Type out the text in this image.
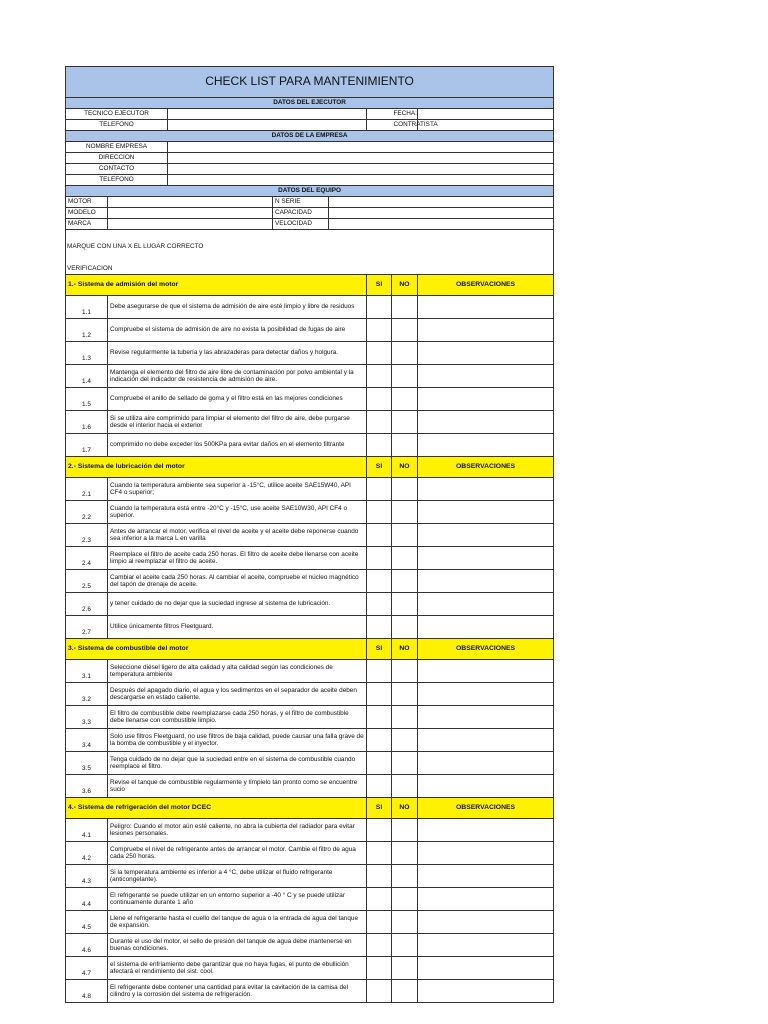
CHECK LIST PARA MANTENIMIENTO							
DATOS DEL EJECUTOR							
TECNICO EJECUTOR						FECHA:	
TELEFONO						CONTRATISTA	
DATOS DE LA EMPRESA							
NOMBRE EMPRESA							
DIRECCION							
CONTACTO							
TELEFONO							
DATOS DEL EQUIPO							
MOTOR			N SERIE				
MODELO			CAPACIDAD				
MARCA			VELOCIDAD				

MARQUE CON UNA X EL LUGAR CORRECTO							

VERIFICACION							
1.- Sistema de admisión del motor					SI	NO	OBSERVACIONES
1.1	Debe asegurarse de que el sistema de admisión de aire esté limpio y libre de residuos						
1.2	Compruebe el sistema de admisión de aire no exista la posibilidad de fugas de aire						
1.3	Revise regularmente la tubería y las abrazaderas para detectar daños y holgura.						
1.4	Mantenga el elemento del filtro de aire libre de contaminación por polvo ambiental y la indicación del indicador de resistencia de admisión de aire.						
1.5	Compruebe el anillo de sellado de goma y el filtro está en las mejores condiciones						
1.6	Si se utiliza aire comprimido para limpiar el elemento del filtro de aire, debe purgarse desde el interior hacia el exterior						
1.7	comprimido no debe exceder los 500KPa para evitar daños en el elemento filtrante						
2.- Sistema de lubricación del motor					SI	NO	OBSERVACIONES
2.1	Cuando la temperatura ambiente sea superior a -15°C, utilice aceite SAE15W40, API CF4 o superior;						
2.2	Cuando la temperatura está entre -20°C y -15°C, use aceite SAE10W30, API CF4 o superior.						
2.3	Antes de arrancar el motor, verifica el nivel de aceite y el aceite debe reponerse cuando sea inferior a la marca L en varilla						
2.4	Reemplace el filtro de aceite cada 250 horas. El filtro de aceite debe llenarse con aceite limpio al reemplazar el filtro de aceite.						
2.5	Cambiar el aceite cada 250 horas. Al cambiar el aceite, compruebe el núcleo magnético del tapón de drenaje de aceite.						
2.6	y tener cuidado de no dejar que la suciedad ingrese al sistema de lubricación.						
2.7	Utilice únicamente filtros Fleetguard.						
3.- Sistema de combustible del motor					SI	NO	OBSERVACIONES
3.1	Seleccione diésel ligero de alta calidad y alta calidad según las condiciones de temperatura ambiente						
3.2	Después del apagado diario, el agua y los sedimentos en el separador de aceite deben descargarse en estado caliente.						
3.3	El filtro de combustible debe reemplazarse cada 250 horas, y el filtro de combustible debe llenarse con combustible limpio.						
3.4	Solo use filtros Fleetguard, no use filtros de baja calidad, puede causar una falla grave de la bomba de combustible y el inyector.						
3.5	Tenga cuidado de no dejar que la suciedad entre en el sistema de combustible cuando reemplace el filtro.						
3.6	Revise el tanque de combustible regularmente y límpielo tan pronto como se encuentre sucio						
4.- Sistema de refrigeración del motor DCEC					SI	NO	OBSERVACIONES
4.1	Peligro: Cuando el motor aún esté caliente, no abra la cubierta del radiador para evitar lesiones personales.						
4.2	Compruebe el nivel de refrigerante antes de arrancar el motor. Cambie el filtro de agua cada 250 horas.						
4.3	Si la temperatura ambiente es inferior a 4 °C, debe utilizar el fluido refrigerante (anticongelante).						
4.4	El refrigerante se puede utilizar en un entorno superior a -40 ° C y se puede utilizar continuamente durante 1 año						
4.5	Llene el refrigerante hasta el cuello del tanque de agua o la entrada de agua del tanque de expansión.						
4.6	Durante el uso del motor, el sello de presión del tanque de agua debe mantenerse en buenas condiciones.						
4.7	el sistema de enfriamiento debe garantizar que no haya fugas, el punto de ebullición afectará el rendimiento del sist. cool.						
4.8	El refrigerante debe contener una cantidad para evitar la cavitación de la camisa del cilindro y la corrosión del sistema de refrigeración.						
